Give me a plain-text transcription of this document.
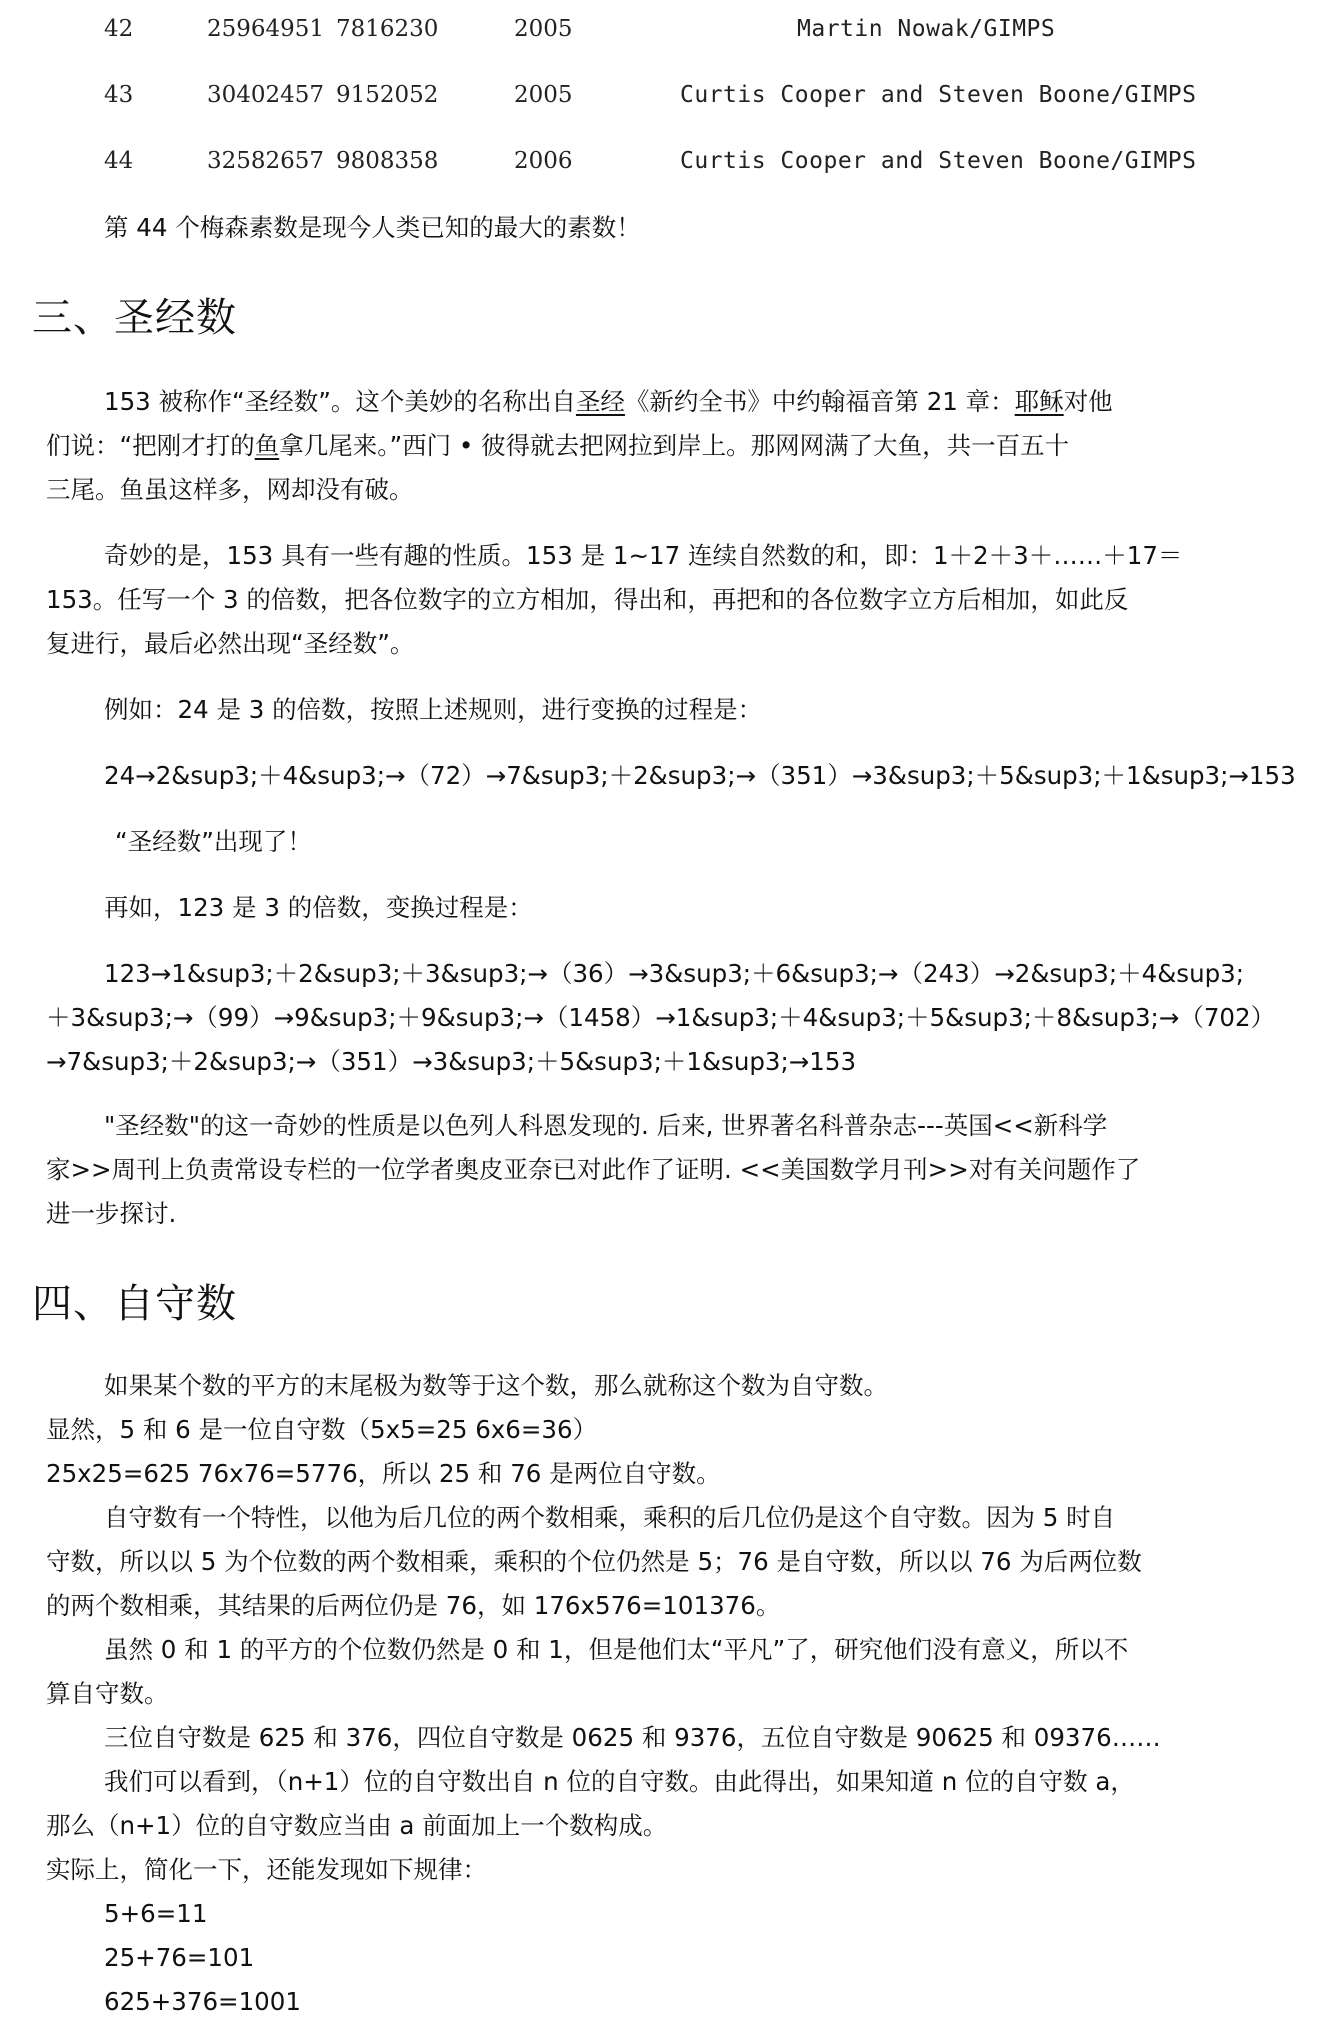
42	25964951 7816230	2005	Martin Nowak/GIMPS
43	30402457 9152052	2005	Curtis Cooper and Steven Boone/GIMPS
44	32582657 9808358	2006	Curtis Cooper and Steven Boone/GIMPS
第 44 个梅森素数是现今人类已知的最大的素数！
三、圣经数
153 被称作“圣经数”。这个美妙的名称出自圣经《新约全书》中约翰福音第 21 章：耶稣对他
们说：“把刚才打的鱼拿几尾来。”西门 • 彼得就去把网拉到岸上。那网网满了大鱼，共一百五十
三尾。鱼虽这样多，网却没有破。
奇妙的是，153 具有一些有趣的性质。153 是 1~17 连续自然数的和，即：1＋2＋3＋……＋17＝
153。任写一个 3 的倍数，把各位数字的立方相加，得出和，再把和的各位数字立方后相加，如此反
复进行，最后必然出现“圣经数”。
例如：24 是 3 的倍数，按照上述规则，进行变换的过程是：
24→2&sup3;＋4&sup3;→（72）→7&sup3;＋2&sup3;→（351）→3&sup3;＋5&sup3;＋1&sup3;→153
“圣经数”出现了！
再如，123 是 3 的倍数，变换过程是：
123→1&sup3;＋2&sup3;＋3&sup3;→（36）→3&sup3;＋6&sup3;→（243）→2&sup3;＋4&sup3;
＋3&sup3;→（99）→9&sup3;＋9&sup3;→（1458）→1&sup3;＋4&sup3;＋5&sup3;＋8&sup3;→（702）
→7&sup3;＋2&sup3;→（351）→3&sup3;＋5&sup3;＋1&sup3;→153
"圣经数"的这一奇妙的性质是以色列人科恩发现的. 后来, 世界著名科普杂志---英国<<新科学
家>>周刊上负责常设专栏的一位学者奥皮亚奈已对此作了证明. <<美国数学月刊>>对有关问题作了
进一步探讨.
四、自守数
如果某个数的平方的末尾极为数等于这个数，那么就称这个数为自守数。
显然，5 和 6 是一位自守数（5x5=25 6x6=36）
25x25=625 76x76=5776，所以 25 和 76 是两位自守数。
自守数有一个特性，以他为后几位的两个数相乘，乘积的后几位仍是这个自守数。因为 5 时自
守数，所以以 5 为个位数的两个数相乘，乘积的个位仍然是 5；76 是自守数，所以以 76 为后两位数
的两个数相乘，其结果的后两位仍是 76，如 176x576=101376。
虽然 0 和 1 的平方的个位数仍然是 0 和 1，但是他们太“平凡”了，研究他们没有意义，所以不
算自守数。
三位自守数是 625 和 376，四位自守数是 0625 和 9376，五位自守数是 90625 和 09376……
我们可以看到，（n+1）位的自守数出自 n 位的自守数。由此得出，如果知道 n 位的自守数 a，
那么（n+1）位的自守数应当由 a 前面加上一个数构成。
实际上，简化一下，还能发现如下规律：
5+6=11
25+76=101
625+376=1001
